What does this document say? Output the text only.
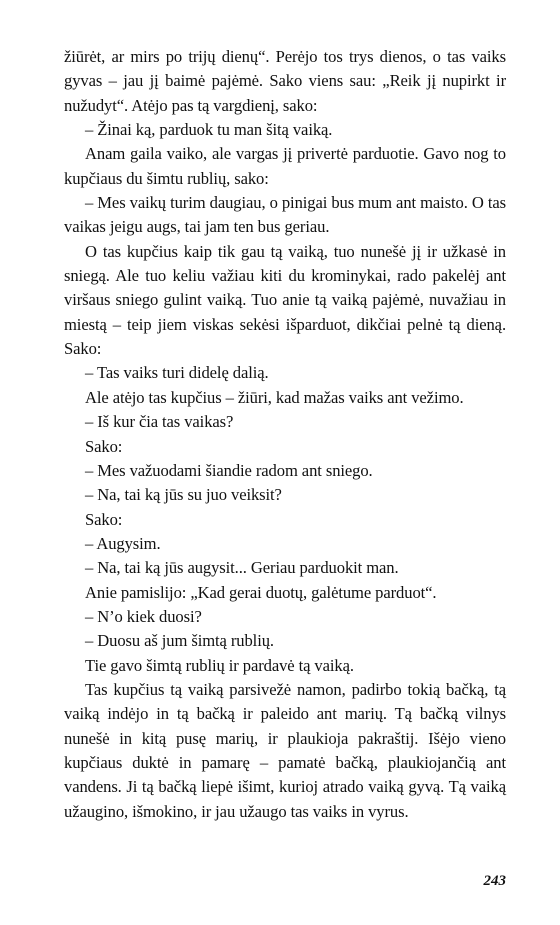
žiūrėt, ar mirs po trijų dienų“. Perėjo tos trys dienos, o tas vaiks gyvas – jau jį baimė pajėmė. Sako viens sau: „Reik jį nupirkt ir nužudyt“. Atėjo pas tą vargdienį, sako:

– Žinai ką, parduok tu man šitą vaiką.

Anam gaila vaiko, ale vargas jį privertė parduotie. Gavo nog to kupčiaus du šimtu rublių, sako:

– Mes vaikų turim daugiau, o pinigai bus mum ant maisto. O tas vaikas jeigu augs, tai jam ten bus geriau.

O tas kupčius kaip tik gau tą vaiką, tuo nunešė jį ir užkasė in sniegą. Ale tuo keliu važiau kiti du krominykai, rado pakelėj ant viršaus sniego gulint vaiką. Tuo anie tą vaiką pajėmė, nuvažiau in miestą – teip jiem viskas sekėsi išparduot, dikčiai pelnė tą dieną. Sako:

– Tas vaiks turi didelę dalią.

Ale atėjo tas kupčius – žiūri, kad mažas vaiks ant vežimo.

– Iš kur čia tas vaikas?

Sako:

– Mes važuodami šiandie radom ant sniego.

– Na, tai ką jūs su juo veiksit?

Sako:

– Augysim.

– Na, tai ką jūs augysit... Geriau parduokit man.

Anie pamislijo: „Kad gerai duotų, galėtume parduot“.

– N’o kiek duosi?

– Duosu aš jum šimtą rublių.

Tie gavo šimtą rublių ir pardavė tą vaiką.

Tas kupčius tą vaiką parsivežė namon, padirbo tokią bačką, tą vaiką indėjo in tą bačką ir paleido ant marių. Tą bačką vilnys nunešė in kitą pusę marių, ir plaukioja pakraštij. Išėjo vieno kupčiaus duktė in pamarę – pamatė bačką, plaukiojančią ant vandens. Ji tą bačką liepė išimt, kurioj atrado vaiką gyvą. Tą vaiką užaugino, išmokino, ir jau užaugo tas vaiks in vyrus.

243
